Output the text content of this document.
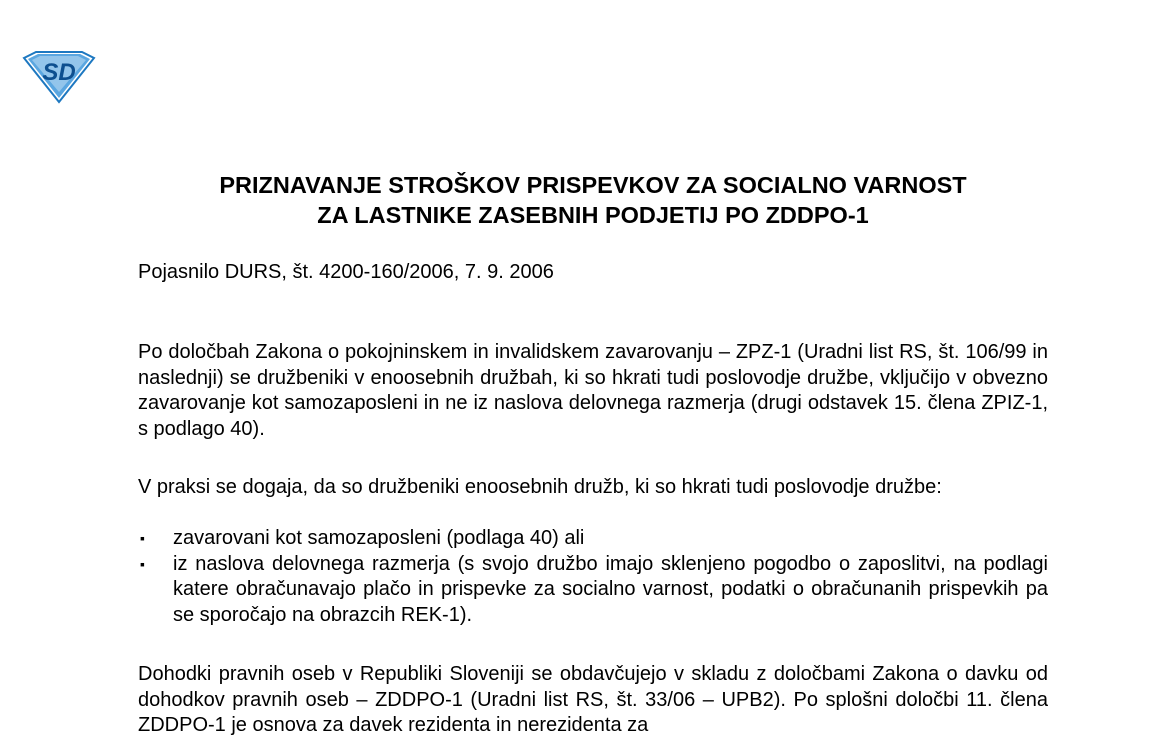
SD
PRIZNAVANJE STROŠKOV PRISPEVKOV ZA SOCIALNO VARNOST
ZA LASTNIKE ZASEBNIH PODJETIJ PO ZDDPO-1

Pojasnilo DURS, št. 4200-160/2006, 7. 9. 2006

Po določbah Zakona o pokojninskem in invalidskem zavarovanju – ZPZ-1 (Uradni list RS, št. 106/99 in naslednji) se družbeniki v enoosebnih družbah, ki so hkrati tudi poslovodje družbe, vključijo v obvezno zavarovanje kot samozaposleni in ne iz naslova delovnega razmerja (drugi odstavek 15. člena ZPIZ-1, s podlago 40).

V praksi se dogaja, da so družbeniki enoosebnih družb, ki so hkrati tudi poslovodje družbe:

▪ zavarovani kot samozaposleni (podlaga 40) ali
▪ iz naslova delovnega razmerja (s svojo družbo imajo sklenjeno pogodbo o zaposlitvi, na podlagi katere obračunavajo plačo in prispevke za socialno varnost, podatki o obračunanih prispevkih pa se sporočajo na obrazcih REK-1).

Dohodki pravnih oseb v Republiki Sloveniji se obdavčujejo v skladu z določbami Zakona o davku od dohodkov pravnih oseb – ZDDPO-1 (Uradni list RS, št. 33/06 – UPB2). Po splošni določbi 11. člena ZDDPO-1 je osnova za davek rezidenta in nerezidenta za
